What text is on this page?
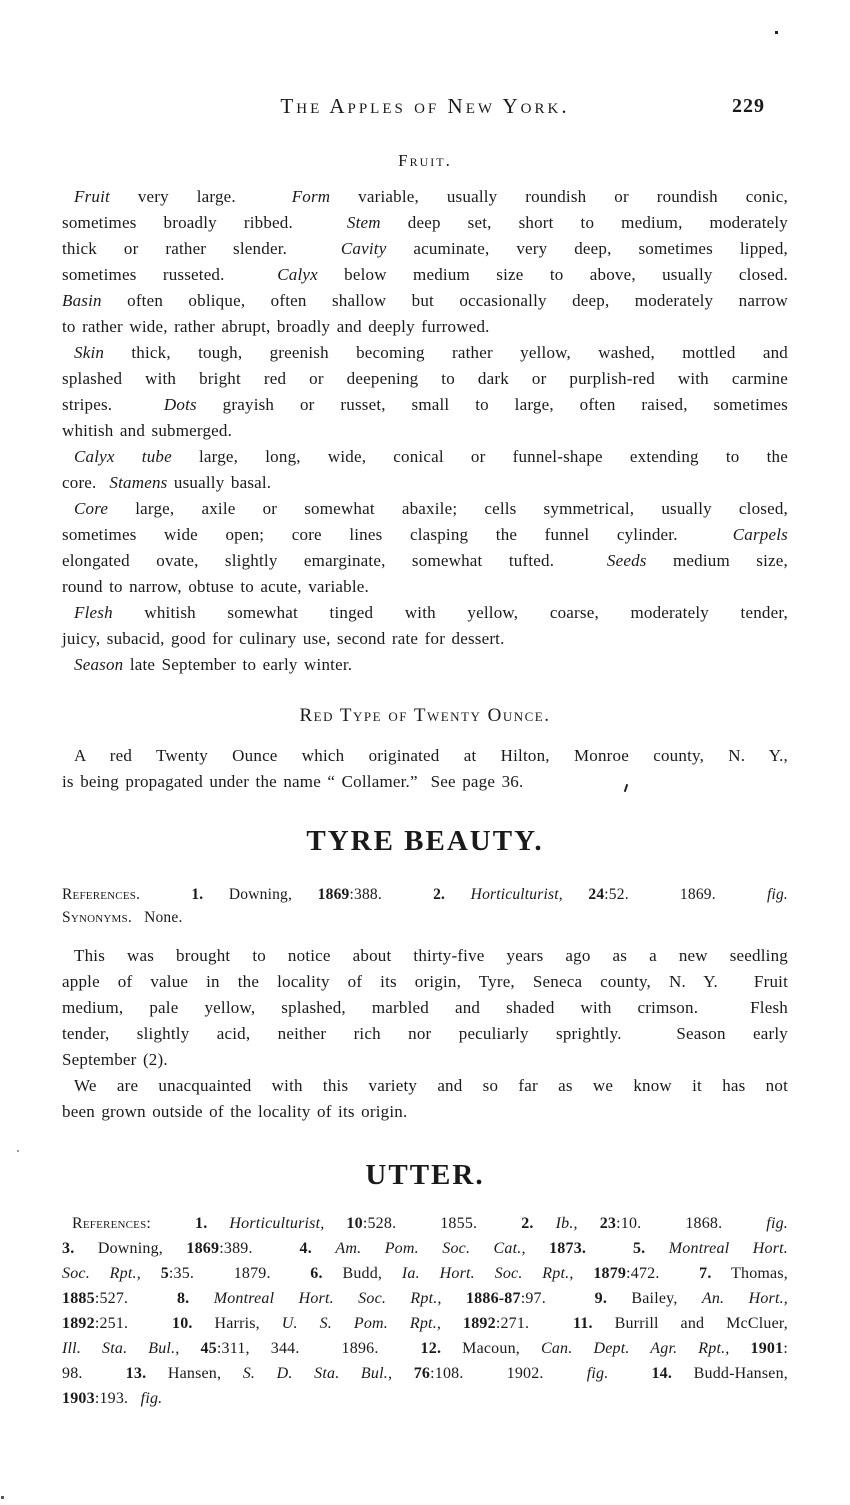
The Apples of New York.	229
Fruit.
Fruit very large.  Form variable, usually roundish or roundish conic,
sometimes broadly ribbed.  Stem deep set, short to medium, moderately
thick or rather slender.  Cavity acuminate, very deep, sometimes lipped,
sometimes russeted.  Calyx below medium size to above, usually closed.
Basin often oblique, often shallow but occasionally deep, moderately narrow
to rather wide, rather abrupt, broadly and deeply furrowed.
Skin thick, tough, greenish becoming rather yellow, washed, mottled and
splashed with bright red or deepening to dark or purplish-red with carmine
stripes.  Dots grayish or russet, small to large, often raised, sometimes
whitish and submerged.
Calyx tube large, long, wide, conical or funnel-shape extending to the
core.  Stamens usually basal.
Core large, axile or somewhat abaxile; cells symmetrical, usually closed,
sometimes wide open; core lines clasping the funnel cylinder.  Carpels
elongated ovate, slightly emarginate, somewhat tufted.  Seeds medium size,
round to narrow, obtuse to acute, variable.
Flesh whitish somewhat tinged with yellow, coarse, moderately tender,
juicy, subacid, good for culinary use, second rate for dessert.
Season late September to early winter.
Red Type of Twenty Ounce.
A red Twenty Ounce which originated at Hilton, Monroe county, N. Y.,
is being propagated under the name “ Collamer.”  See page 36.
TYRE BEAUTY.
References.	1. Downing, 1869:388.  2. Horticulturist, 24:52.  1869.  fig.
Synonyms.  None.
This was brought to notice about thirty-five years ago as a new seedling
apple of value in the locality of its origin, Tyre, Seneca county, N. Y.  Fruit
medium, pale yellow, splashed, marbled and shaded with crimson.  Flesh
tender, slightly acid, neither rich nor peculiarly sprightly.  Season early
September (2).
We are unacquainted with this variety and so far as we know it has not
been grown outside of the locality of its origin.
UTTER.
References:	1. Horticulturist, 10:528.  1855.  2. Ib., 23:10.  1868.  fig.
3. Downing, 1869:389.  4. Am. Pom. Soc. Cat., 1873.	5. Montreal Hort.
Soc. Rpt., 5:35.  1879.  6. Budd, Ia. Hort. Soc. Rpt., 1879:472.  7. Thomas,
1885:527.  8. Montreal Hort. Soc. Rpt., 1886-87:97.  9. Bailey, An. Hort.,
1892:251.  10. Harris, U. S. Pom. Rpt., 1892:271.  11. Burrill and McCluer,
Ill. Sta. Bul., 45:311, 344.  1896.  12. Macoun, Can. Dept. Agr. Rpt., 1901:
98.  13. Hansen, S. D. Sta. Bul., 76:108.  1902.  fig.	14. Budd-Hansen,
1903:193.  fig.
